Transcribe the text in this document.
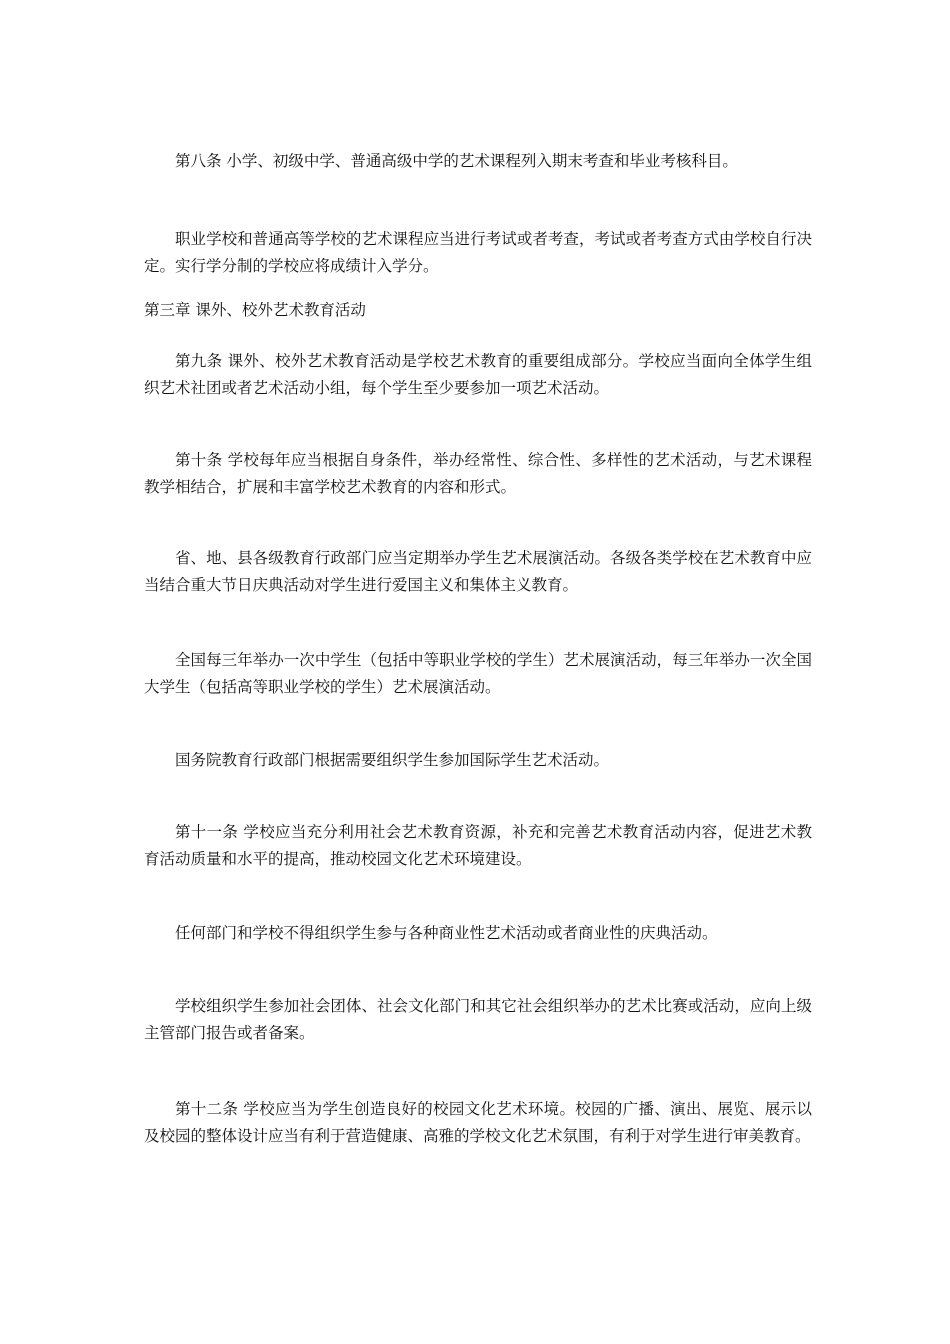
第八条 小学、初级中学、普通高级中学的艺术课程列入期末考查和毕业考核科目。

职业学校和普通高等学校的艺术课程应当进行考试或者考查，考试或者考查方式由学校自行决定。实行学分制的学校应将成绩计入学分。

第三章 课外、校外艺术教育活动

第九条 课外、校外艺术教育活动是学校艺术教育的重要组成部分。学校应当面向全体学生组织艺术社团或者艺术活动小组，每个学生至少要参加一项艺术活动。

第十条 学校每年应当根据自身条件，举办经常性、综合性、多样性的艺术活动，与艺术课程教学相结合，扩展和丰富学校艺术教育的内容和形式。

省、地、县各级教育行政部门应当定期举办学生艺术展演活动。各级各类学校在艺术教育中应当结合重大节日庆典活动对学生进行爱国主义和集体主义教育。

全国每三年举办一次中学生（包括中等职业学校的学生）艺术展演活动，每三年举办一次全国大学生（包括高等职业学校的学生）艺术展演活动。

国务院教育行政部门根据需要组织学生参加国际学生艺术活动。

第十一条 学校应当充分利用社会艺术教育资源，补充和完善艺术教育活动内容，促进艺术教育活动质量和水平的提高，推动校园文化艺术环境建设。

任何部门和学校不得组织学生参与各种商业性艺术活动或者商业性的庆典活动。

学校组织学生参加社会团体、社会文化部门和其它社会组织举办的艺术比赛或活动，应向上级主管部门报告或者备案。

第十二条 学校应当为学生创造良好的校园文化艺术环境。校园的广播、演出、展览、展示以及校园的整体设计应当有利于营造健康、高雅的学校文化艺术氛围，有利于对学生进行审美教育。
